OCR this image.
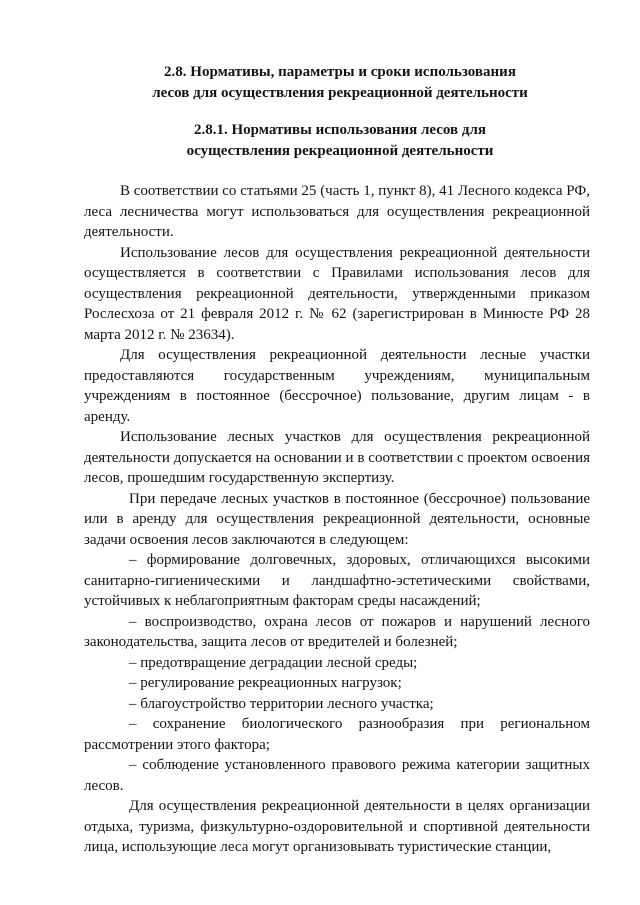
2.8. Нормативы, параметры и сроки использования
лесов для осуществления рекреационной деятельности
2.8.1. Нормативы использования лесов для
осуществления рекреационной деятельности

В соответствии со статьями 25 (часть 1, пункт 8), 41 Лесного кодекса РФ, леса лесничества могут использоваться для осуществления рекреационной деятельности.

Использование лесов для осуществления рекреационной деятельности осуществляется в соответствии с Правилами использования лесов для осуществления рекреационной деятельности, утвержденными приказом Рослесхоза от 21 февраля 2012 г. № 62 (зарегистрирован в Минюсте РФ 28 марта 2012 г. № 23634).

Для осуществления рекреационной деятельности лесные участки предоставляются государственным учреждениям, муниципальным учреждениям в постоянное (бессрочное) пользование, другим лицам - в аренду.

Использование лесных участков для осуществления рекреационной деятельности допускается на основании и в соответствии с проектом освоения лесов, прошедшим государственную экспертизу.

При передаче лесных участков в постоянное (бессрочное) пользование или в аренду для осуществления рекреационной деятельности, основные задачи освоения лесов заключаются в следующем:

– формирование долговечных, здоровых, отличающихся высокими санитарно-гигиеническими и ландшафтно-эстетическими свойствами, устойчивых к неблагоприятным факторам среды насаждений;

– воспроизводство, охрана лесов от пожаров и нарушений лесного законодательства, защита лесов от вредителей и болезней;

– предотвращение деградации лесной среды;

– регулирование рекреационных нагрузок;

– благоустройство территории лесного участка;

– сохранение биологического разнообразия при региональном рассмотрении этого фактора;

– соблюдение установленного правового режима категории защитных лесов.

Для осуществления рекреационной деятельности в целях организации отдыха, туризма, физкультурно-оздоровительной и спортивной деятельности лица, использующие леса могут организовывать туристические станции,
